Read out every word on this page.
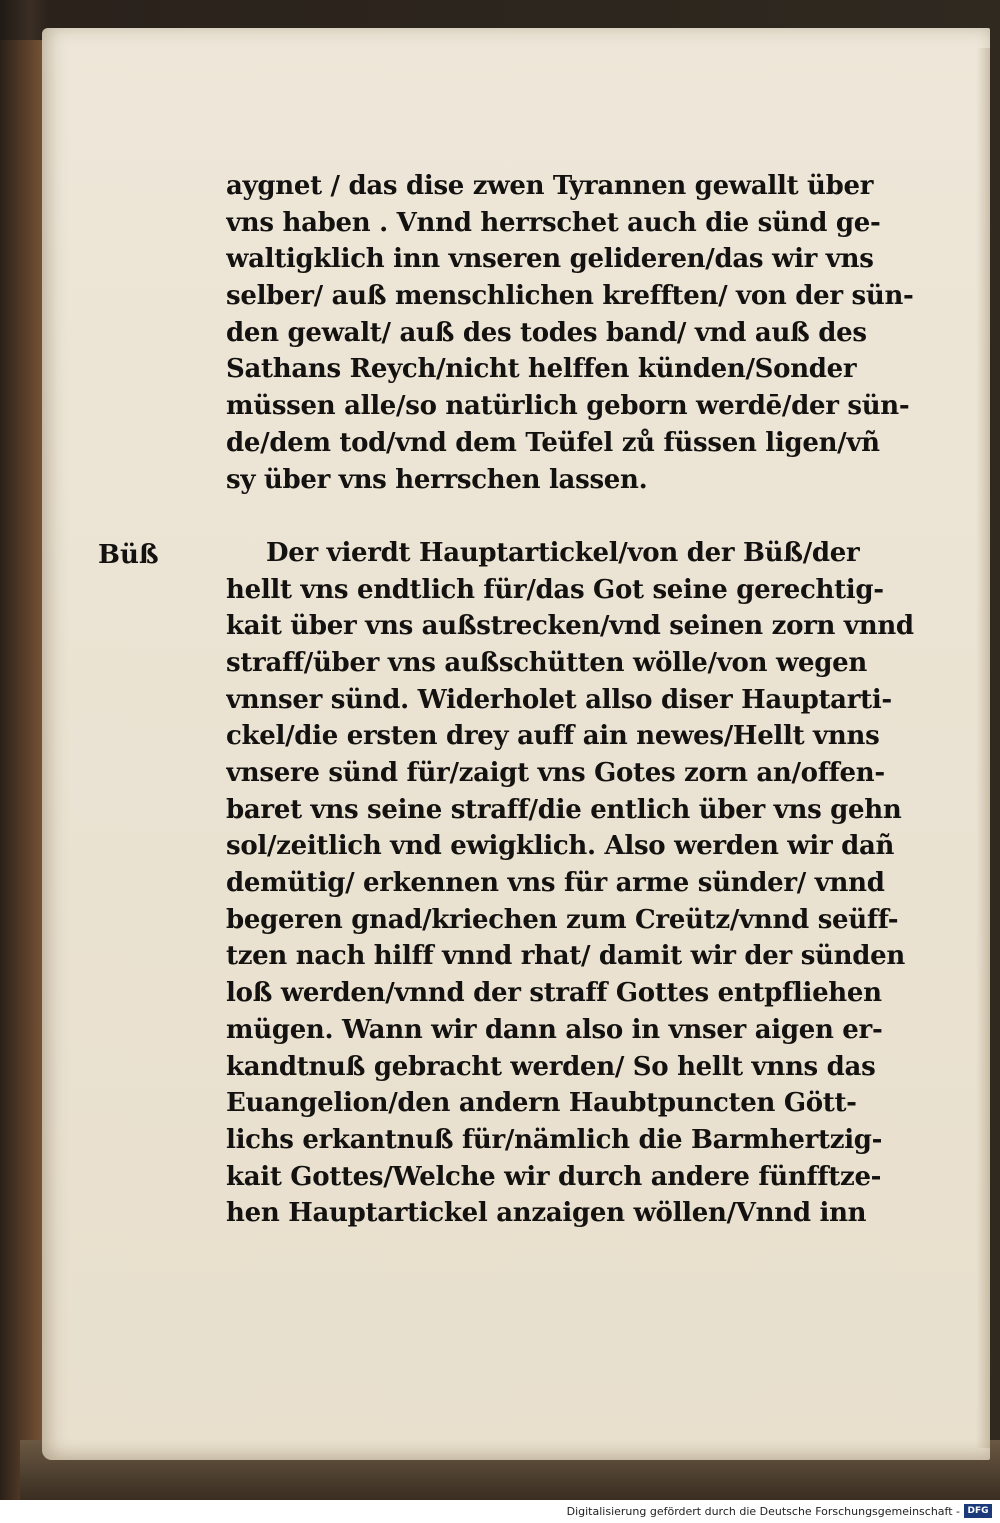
Büß
aygnet / das dise zwen Tyrannen gewallt über
vns haben . Vnnd herrschet auch die sünd ge-
waltigklich inn vnseren gelideren/das wir vns
selber/ auß menschlichen krefften/ von der sün-
den gewalt/ auß des todes band/ vnd auß des
Sathans Reych/nicht helffen künden/Sonder
müssen alle/so natürlich geborn werdē/der sün-
de/dem tod/vnd dem Teüfel zů füssen ligen/vñ
sy über vns herrschen lassen.
Der vierdt Hauptartickel/von der Büß/der
hellt vns endtlich für/das Got seine gerechtig-
kait über vns außstrecken/vnd seinen zorn vnnd
straff/über vns außschütten wölle/von wegen
vnnser sünd. Widerholet allso diser Hauptarti-
ckel/die ersten drey auff ain newes/Hellt vnns
vnsere sünd für/zaigt vns Gotes zorn an/offen-
baret vns seine straff/die entlich über vns gehn
sol/zeitlich vnd ewigklich. Also werden wir dañ
demütig/ erkennen vns für arme sünder/ vnnd
begeren gnad/kriechen zum Creütz/vnnd seüff-
tzen nach hilff vnnd rhat/ damit wir der sünden
loß werden/vnnd der straff Gottes entpfliehen
mügen. Wann wir dann also in vnser aigen er-
kandtnuß gebracht werden/ So hellt vnns das
Euangelion/den andern Haubtpuncten Gött-
lichs erkantnuß für/nämlich die Barmhertzig-
kait Gottes/Welche wir durch andere fünfftze-
hen Hauptartickel anzaigen wöllen/Vnnd inn
Digitalisierung gefördert durch die Deutsche Forschungsgemeinschaft - DFG
